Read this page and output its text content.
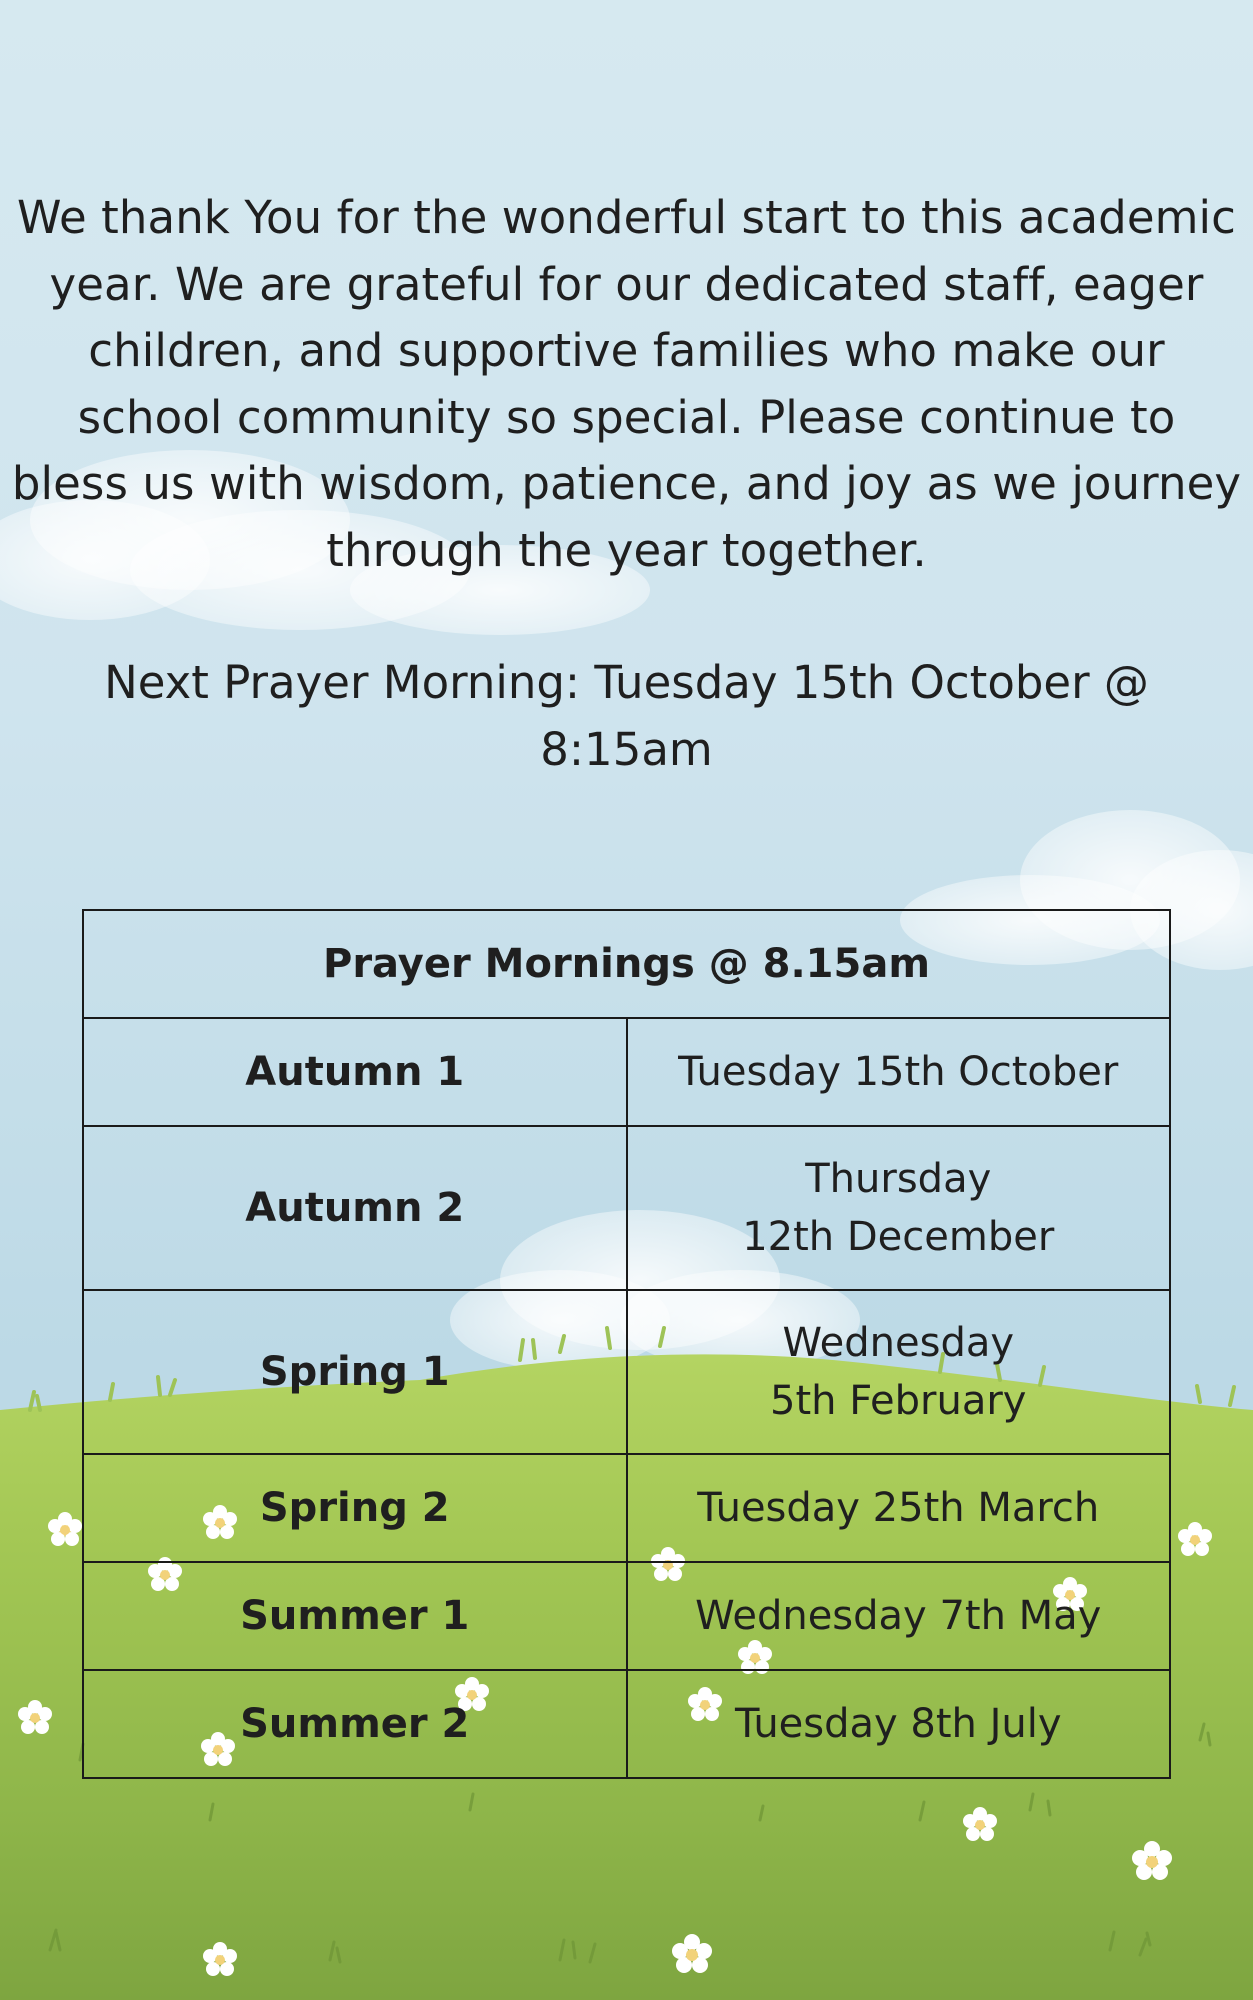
We thank You for the wonderful start to this academic
year. We are grateful for our dedicated staff, eager
children, and supportive families who make our
school community so special. Please continue to
bless us with wisdom, patience, and joy as we journey
through the year together.

Next Prayer Morning: Tuesday 15th October @
8:15am

Prayer Mornings @ 8.15am	
Autumn 1	Tuesday 15th October
Autumn 2	Thursday
12th December
Spring 1	Wednesday
5th February
Spring 2	Tuesday 25th March
Summer 1	Wednesday 7th May
Summer 2	Tuesday 8th July
